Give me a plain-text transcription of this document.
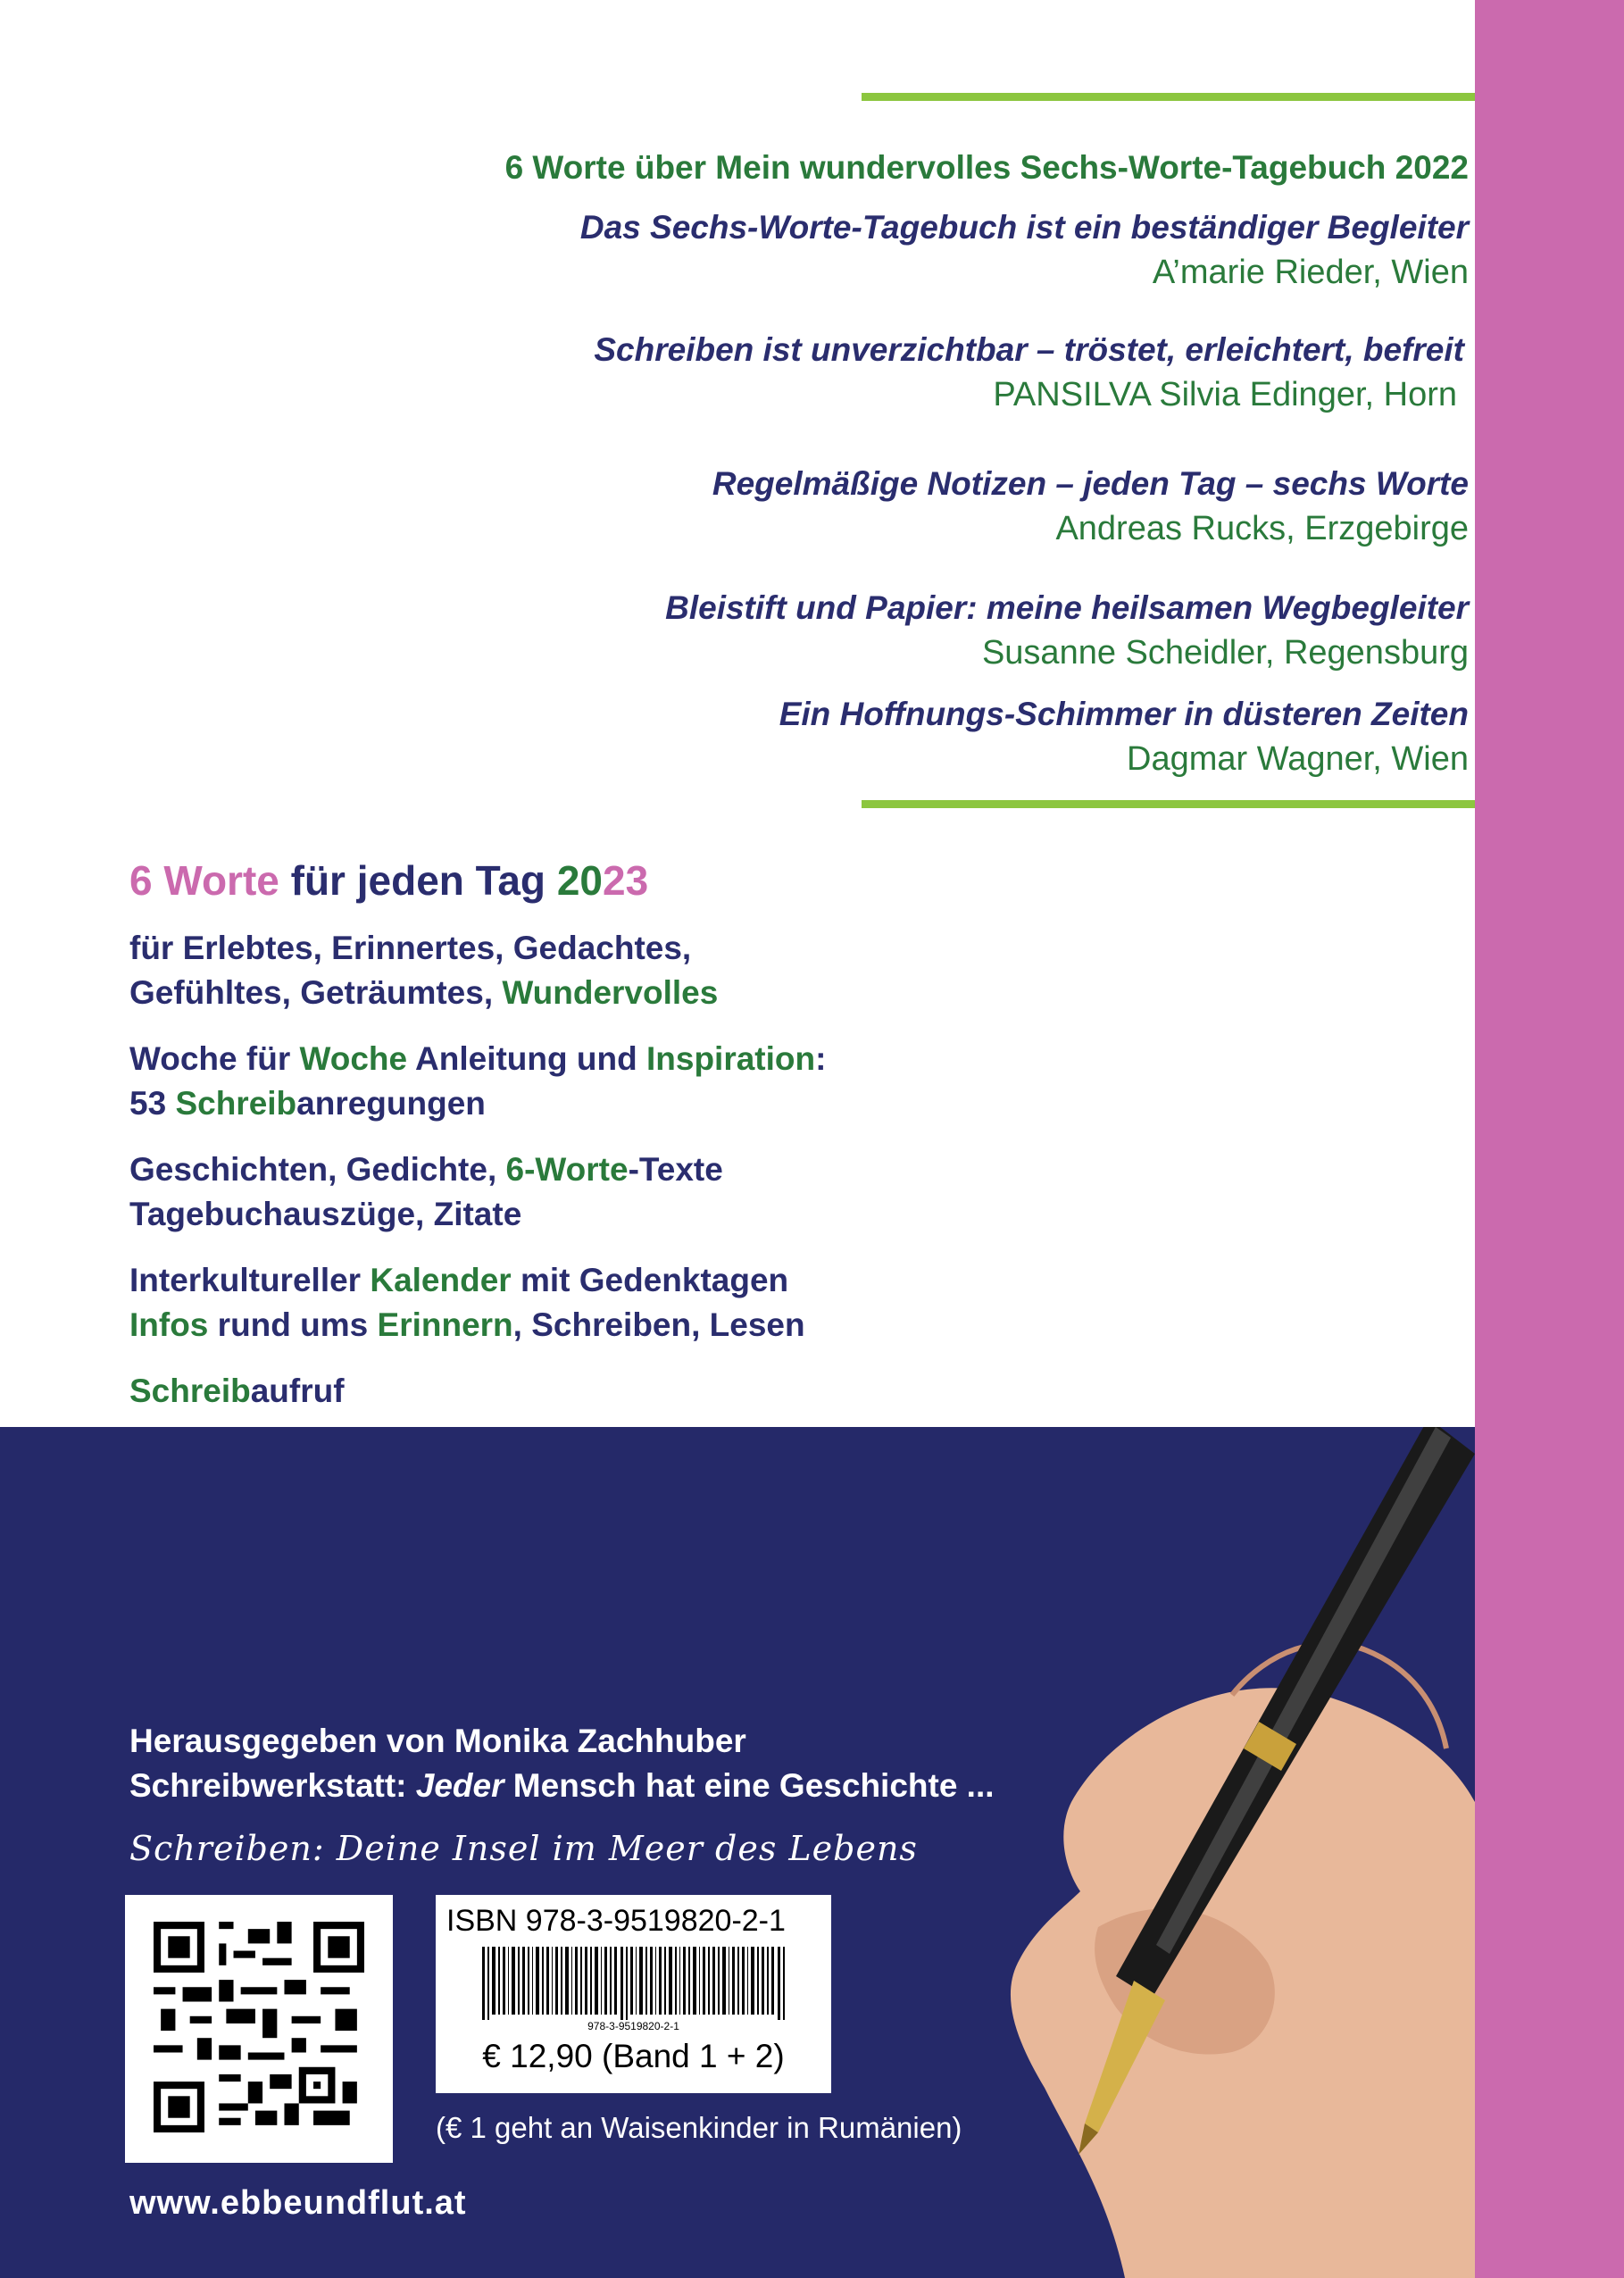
6 Worte über Mein wundervolles Sechs-Worte-Tagebuch 2022
Das Sechs-Worte-Tagebuch ist ein beständiger Begleiter
A’marie Rieder, Wien
Schreiben ist unverzichtbar – tröstet, erleichtert, befreit
PANSILVA Silvia Edinger, Horn
Regelmäßige Notizen – jeden Tag – sechs Worte
Andreas Rucks, Erzgebirge
Bleistift und Papier: meine heilsamen Wegbegleiter
Susanne Scheidler, Regensburg
Ein Hoffnungs-Schimmer in düsteren Zeiten
Dagmar Wagner, Wien
6 Worte für jeden Tag 2023
für Erlebtes, Erinnertes, Gedachtes,
Gefühltes, Geträumtes, Wundervolles
Woche für Woche Anleitung und Inspiration:
53 Schreibanregungen
Geschichten, Gedichte, 6-Worte-Texte
Tagebuchauszüge, Zitate
Interkultureller Kalender mit Gedenktagen
Infos rund ums Erinnern, Schreiben, Lesen
Schreibaufruf
Herausgegeben von Monika Zachhuber
Schreibwerkstatt: Jeder Mensch hat eine Geschichte ...
Schreiben: Deine Insel im Meer des Lebens
ISBN 978-3-9519820-2-1
978-3-9519820-2-1
€ 12,90 (Band 1 + 2)
(€ 1 geht an Waisenkinder in Rumänien)
www.ebbeundflut.at
